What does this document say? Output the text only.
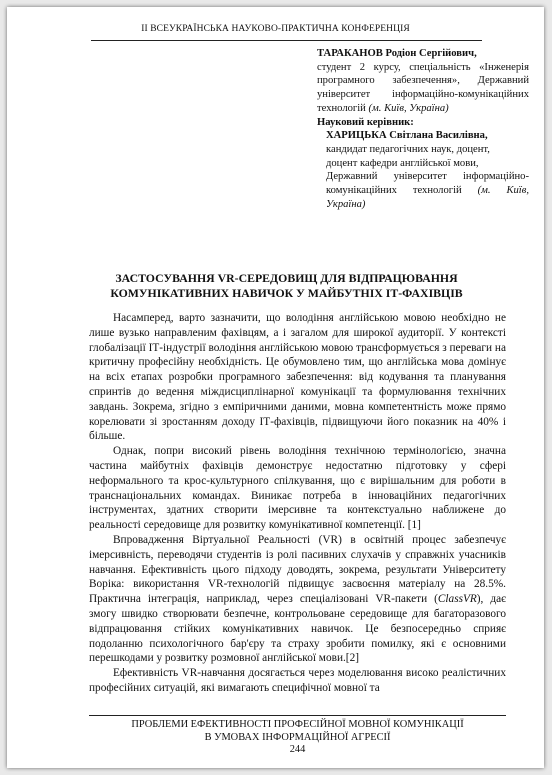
ІІ ВСЕУКРАЇНСЬКА НАУКОВО-ПРАКТИЧНА КОНФЕРЕНЦІЯ

ТАРАКАНОВ Родіон Сергійович,
студент 2 курсу, спеціальність «Інженерія програмного забезпечення», Державний університет інформаційно-комунікаційних технологій (м. Київ, Україна)

Науковий керівник:

ХАРИЦЬКА Світлана Василівна,
кандидат педагогічних наук, доцент,
доцент кафедри англійської мови,
Державний університет інформаційно-комунікаційних технологій (м. Київ, Україна)

ЗАСТОСУВАННЯ VR-СЕРЕДОВИЩ ДЛЯ ВІДПРАЦЮВАННЯ КОМУНІКАТИВНИХ НАВИЧОК У МАЙБУТНІХ ІТ-ФАХІВЦІВ

Насамперед, варто зазначити, що володіння англійською мовою необхідно не лише вузько направленим фахівцям, а і загалом для широкої аудиторії. У контексті глобалізації ІТ-індустрії володіння англійською мовою трансформується з переваги на критичну професійну необхідність. Це обумовлено тим, що англійська мова домінує на всіх етапах розробки програмного забезпечення: від кодування та планування спринтів до ведення міждисциплінарної комунікації та формулювання технічних завдань. Зокрема, згідно з емпіричними даними, мовна компетентність може прямо корелювати зі зростанням доходу ІТ-фахівців, підвищуючи його показник на 40% і більше.

Однак, попри високий рівень володіння технічною термінологією, значна частина майбутніх фахівців демонструє недостатню підготовку у сфері неформального та крос-культурного спілкування, що є вирішальним для роботи в транснаціональних командах. Виникає потреба в інноваційних педагогічних інструментах, здатних створити імерсивне та контекстуально наближене до реальності середовище для розвитку комунікативної компетенції. [1]

Впровадження Віртуальної Реальності (VR) в освітній процес забезпечує імерсивність, переводячи студентів із ролі пасивних слухачів у справжніх учасників навчання. Ефективність цього підходу доводять, зокрема, результати Університету Воріка: використання VR-технологій підвищує засвоєння матеріалу на 28.5%. Практична інтеграція, наприклад, через спеціалізовані VR-пакети (ClassVR), дає змогу швидко створювати безпечне, контрольоване середовище для багаторазового відпрацювання стійких комунікативних навичок. Це безпосередньо сприяє подоланню психологічного бар'єру та страху зробити помилку, які є основними перешкодами у розвитку розмовної англійської мови.[2]

Ефективність VR-навчання досягається через моделювання високо реалістичних професійних ситуацій, які вимагають специфічної мовної та

ПРОБЛЕМИ ЕФЕКТИВНОСТІ ПРОФЕСІЙНОЇ МОВНОЇ КОМУНІКАЦІЇ
В УМОВАХ ІНФОРМАЦІЙНОЇ АГРЕСІЇ
244
